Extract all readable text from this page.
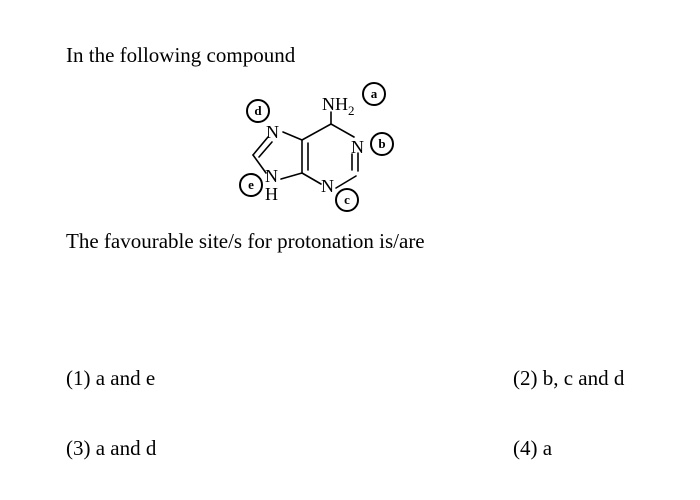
In the following compound
$NH_2$
N
N
H
N
N
a
b
c
d
e
The favourable site/s for protonation is/are
(1) a and e	(2) b, c and d
(3) a and d	(4) a
